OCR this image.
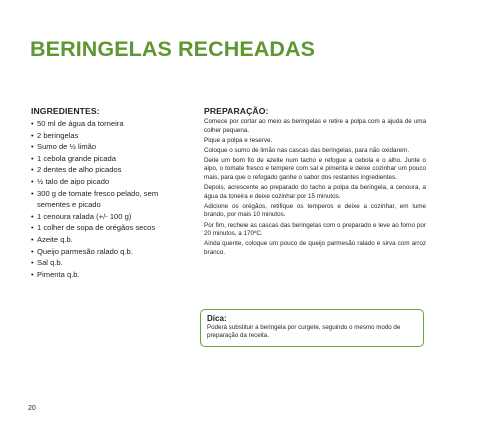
BERINGELAS RECHEADAS
INGREDIENTES:
• 50 ml de água da torneira
• 2 beringelas
• Sumo de ½ limão
• 1 cebola grande picada
• 2 dentes de alho picados
• ½ talo de aipo picado
• 300 g de tomate fresco pelado, sem sementes e picado
• 1 cenoura ralada (+/- 100 g)
• 1 colher de sopa de orégãos secos
• Azeite q.b.
• Queijo parmesão ralado q.b.
• Sal q.b.
• Pimenta q.b.
PREPARAÇÃO:

Comece por cortar ao meio as beringelas e retire a polpa com a ajuda de uma colher pequena.

Pique a polpa e reserve.

Coloque o sumo de limão nas cascas das beringelas, para não oxidarem.

Deite um bom fio de azeite num tacho e refogue a cebola e o alho. Junte o aipo, o tomate fresco e tempere com sal e pimenta e deixe cozinhar um pouco mais, para que o refogado ganhe o sabor dos restantes ingredientes.

Depois, acrescente ao preparado do tacho a polpa da beringela, a cenoura, a água da toneira e deixe cozinhar por 15 minutos.

Adicione os orégãos, retifique os temperos e deixe a cozinhar, em lume brando, por mais 10 minutos.

Por fim, recheie as cascas das beringelas com o preparado e leve ao forno por 20 minutos, a 170ºC.

Ainda quente, coloque um pouco de queijo parmesão ralado e sirva com arroz branco.

Dica:
Poderá substituir a beringela por curgete, seguindo o mesmo modo de preparação da receita.
20
